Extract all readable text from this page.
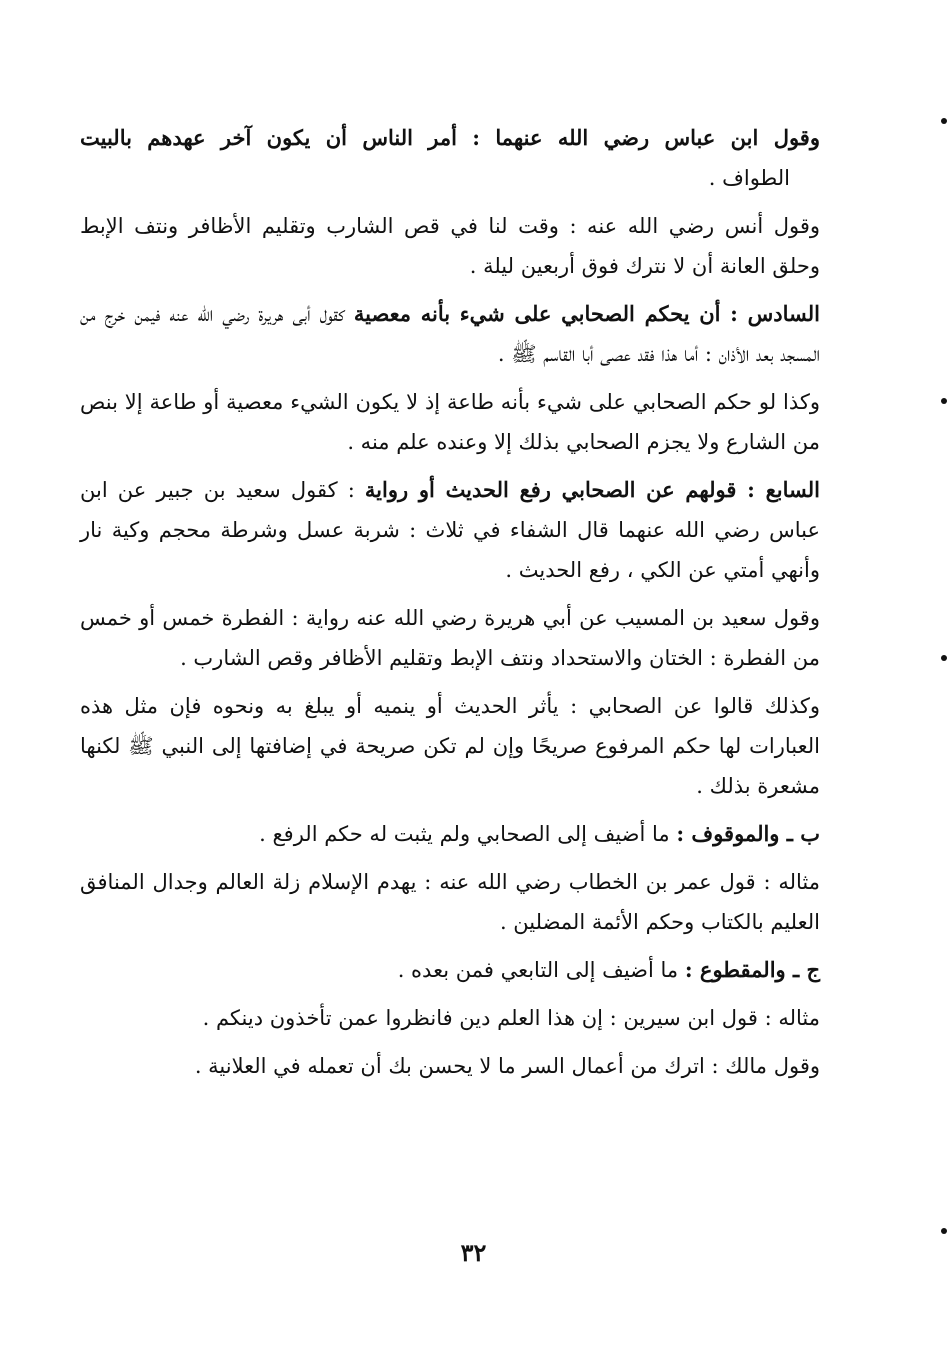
وقول ابن عباس رضي الله عنهما : أمر الناس أن يكون آخر عهدهم بالبيت الطواف .

وقول أنس رضي الله عنه : وقت لنا في قص الشارب وتقليم الأظافر ونتف الإبط وحلق العانة أن لا نترك فوق أربعين ليلة .

السادس : أن يحكم الصحابي على شيء بأنه معصية كقول أبى هريرة رضي الله عنه فيمن خرج من المسجد بعد الأذان : أما هذا فقد عصى أبا القاسم ﷺ .

وكذا لو حكم الصحابي على شيء بأنه طاعة إذ لا يكون الشيء معصية أو طاعة إلا بنص من الشارع ولا يجزم الصحابي بذلك إلا وعنده علم منه .

السابع : قولهم عن الصحابي رفع الحديث أو رواية : كقول سعيد بن جبير عن ابن عباس رضي الله عنهما قال الشفاء في ثلاث : شربة عسل وشرطة محجم وكية نار وأنهي أمتي عن الكي ، رفع الحديث .

وقول سعيد بن المسيب عن أبي هريرة رضي الله عنه رواية : الفطرة خمس أو خمس من الفطرة : الختان والاستحداد ونتف الإبط وتقليم الأظافر وقص الشارب .

وكذلك قالوا عن الصحابي : يأثر الحديث أو ينميه أو يبلغ به ونحوه فإن مثل هذه العبارات لها حكم المرفوع صريحًا وإن لم تكن صريحة في إضافتها إلى النبي ﷺ لكنها مشعرة بذلك .

ب ـ والموقوف : ما أضيف إلى الصحابي ولم يثبت له حكم الرفع .

مثاله : قول عمر بن الخطاب رضي الله عنه : يهدم الإسلام زلة العالم وجدال المنافق العليم بالكتاب وحكم الأئمة المضلين .

ج ـ والمقطوع : ما أضيف إلى التابعي فمن بعده .

مثاله : قول ابن سيرين : إن هذا العلم دين فانظروا عمن تأخذون دينكم .

وقول مالك : اترك من أعمال السر ما لا يحسن بك أن تعمله في العلانية .

٣٢
